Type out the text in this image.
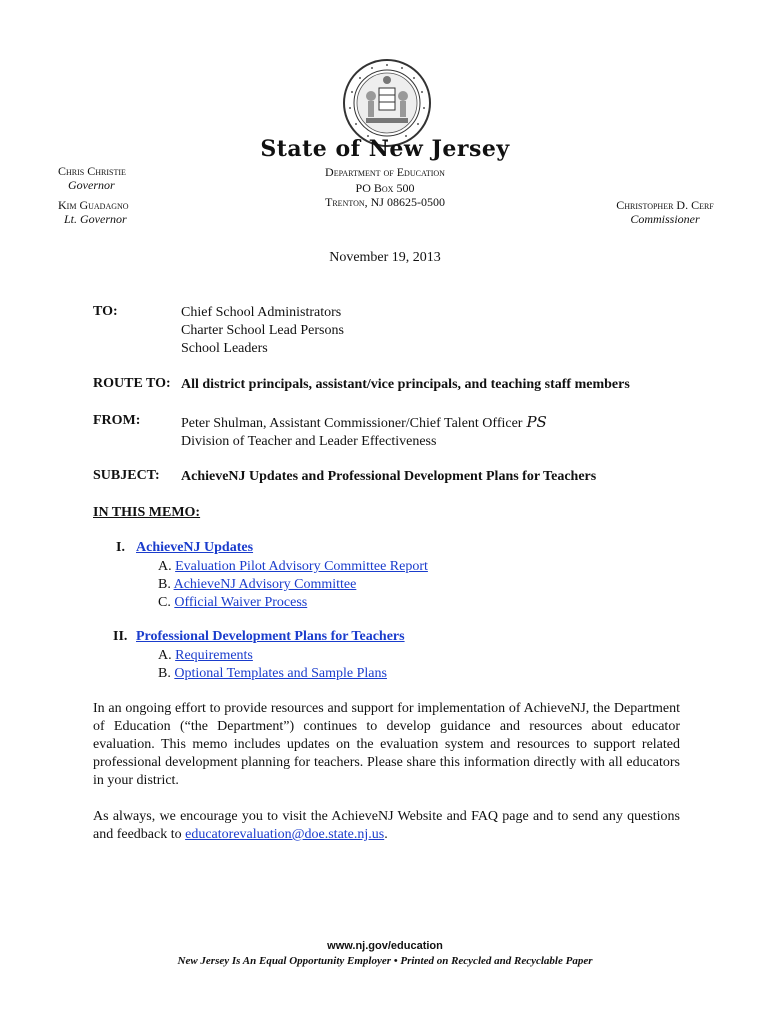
State of New Jersey
Chris Christie
Governor
Kim Guadagno
Lt. Governor
Department of Education
PO Box 500
Trenton, NJ 08625-0500	Christopher D. Cerf
Commissioner
November 19, 2013
TO:	Chief School Administrators
Charter School Lead Persons
School Leaders
ROUTE TO: All district principals, assistant/vice principals, and teaching staff members
FROM:	Peter Shulman, Assistant Commissioner/Chief Talent Officer PS
Division of Teacher and Leader Effectiveness
SUBJECT: AchieveNJ Updates and Professional Development Plans for Teachers
IN THIS MEMO:
I. AchieveNJ Updates
A. Evaluation Pilot Advisory Committee Report
B. AchieveNJ Advisory Committee
C. Official Waiver Process
II. Professional Development Plans for Teachers
A. Requirements
B. Optional Templates and Sample Plans
In an ongoing effort to provide resources and support for implementation of AchieveNJ, the Department of Education (“the Department”) continues to develop guidance and resources about educator evaluation. This memo includes updates on the evaluation system and resources to support related professional development planning for teachers. Please share this information directly with all educators in your district.
As always, we encourage you to visit the AchieveNJ Website and FAQ page and to send any questions and feedback to educatorevaluation@doe.state.nj.us.
www.nj.gov/education
New Jersey Is An Equal Opportunity Employer • Printed on Recycled and Recyclable Paper
